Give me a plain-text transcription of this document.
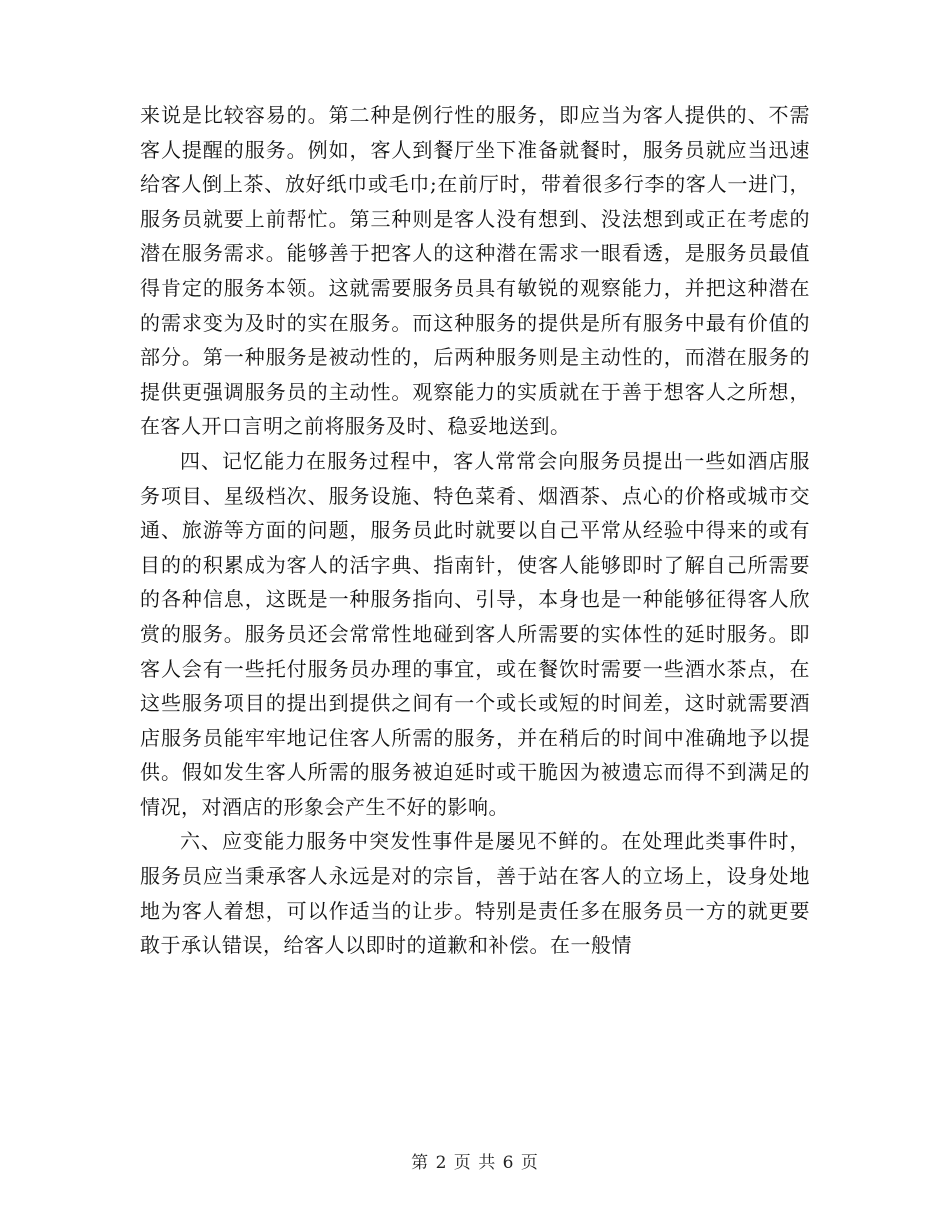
来说是比较容易的。第二种是例行性的服务，即应当为客人提供的、不需客人提醒的服务。例如，客人到餐厅坐下准备就餐时，服务员就应当迅速给客人倒上茶、放好纸巾或毛巾;在前厅时，带着很多行李的客人一进门，服务员就要上前帮忙。第三种则是客人没有想到、没法想到或正在考虑的潜在服务需求。能够善于把客人的这种潜在需求一眼看透，是服务员最值得肯定的服务本领。这就需要服务员具有敏锐的观察能力，并把这种潜在的需求变为及时的实在服务。而这种服务的提供是所有服务中最有价值的部分。第一种服务是被动性的，后两种服务则是主动性的，而潜在服务的提供更强调服务员的主动性。观察能力的实质就在于善于想客人之所想，在客人开口言明之前将服务及时、稳妥地送到。

四、记忆能力在服务过程中，客人常常会向服务员提出一些如酒店服务项目、星级档次、服务设施、特色菜肴、烟酒茶、点心的价格或城市交通、旅游等方面的问题，服务员此时就要以自己平常从经验中得来的或有目的的积累成为客人的活字典、指南针，使客人能够即时了解自己所需要的各种信息，这既是一种服务指向、引导，本身也是一种能够征得客人欣赏的服务。服务员还会常常性地碰到客人所需要的实体性的延时服务。即客人会有一些托付服务员办理的事宜，或在餐饮时需要一些酒水茶点，在这些服务项目的提出到提供之间有一个或长或短的时间差，这时就需要酒店服务员能牢牢地记住客人所需的服务，并在稍后的时间中准确地予以提供。假如发生客人所需的服务被迫延时或干脆因为被遗忘而得不到满足的情况，对酒店的形象会产生不好的影响。

六、应变能力服务中突发性事件是屡见不鲜的。在处理此类事件时，服务员应当秉承客人永远是对的宗旨，善于站在客人的立场上，设身处地地为客人着想，可以作适当的让步。特别是责任多在服务员一方的就更要敢于承认错误，给客人以即时的道歉和补偿。在一般情

第 2 页 共 6 页
